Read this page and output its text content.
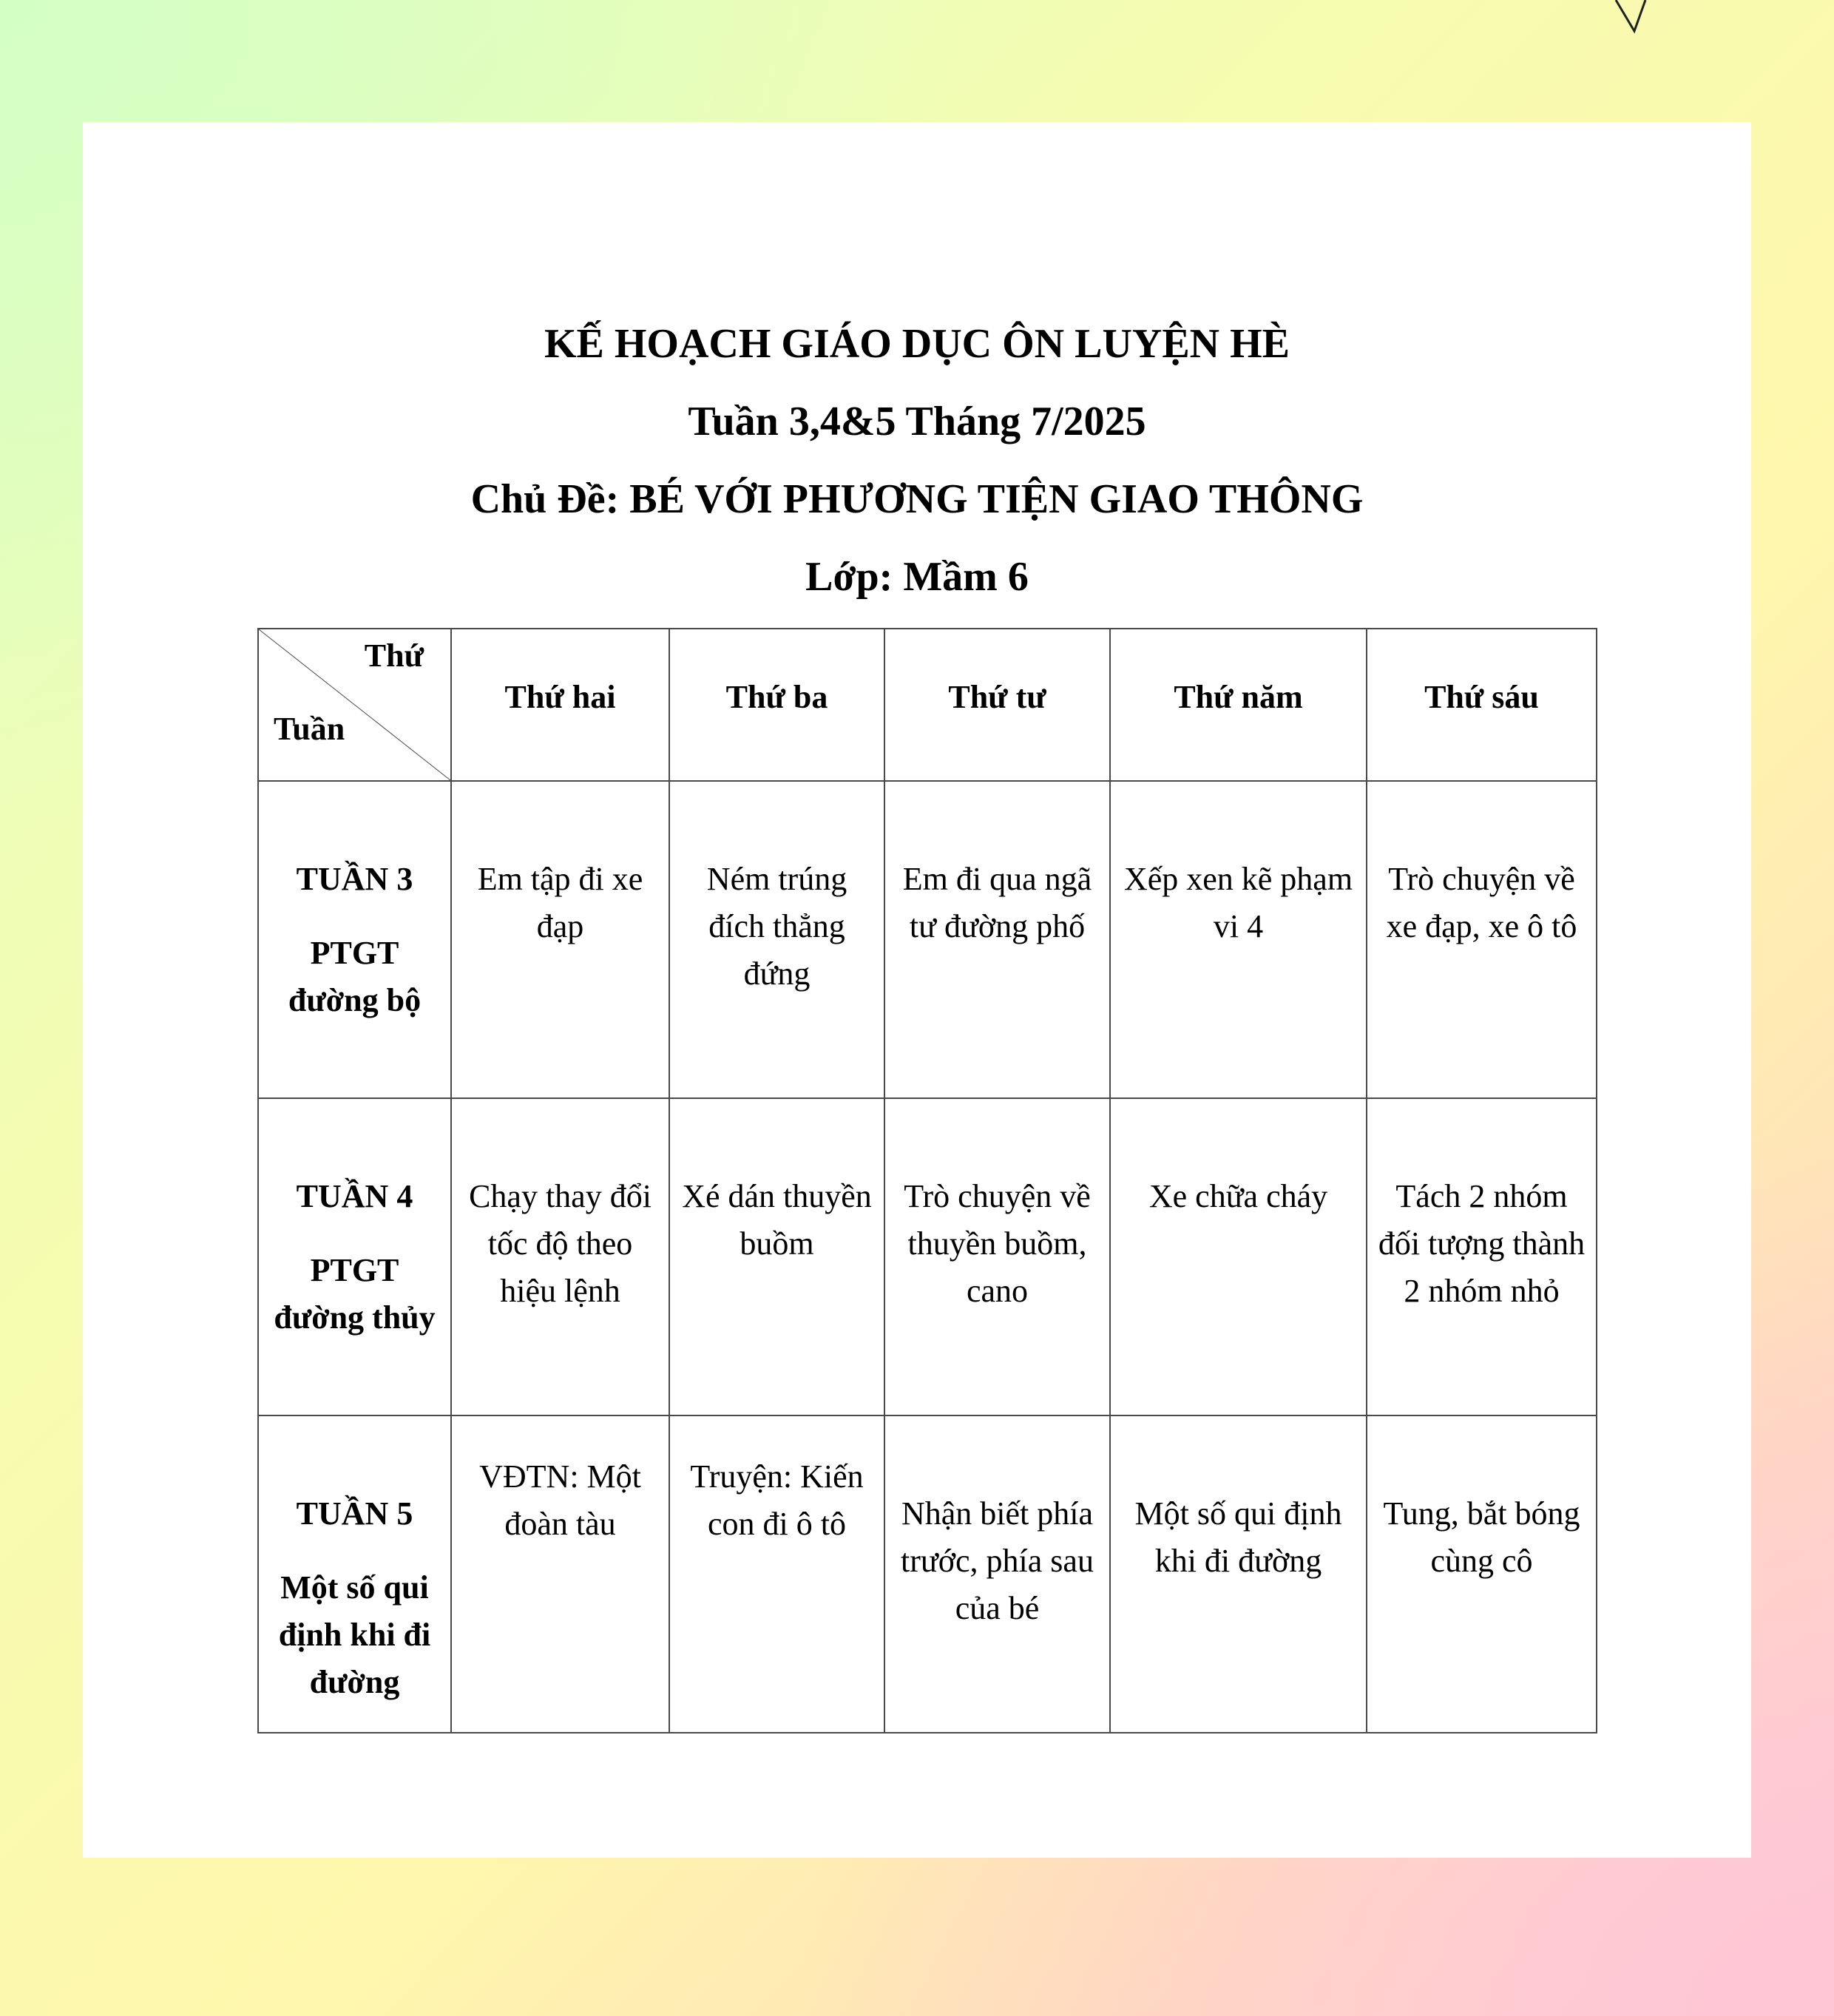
KẾ HOẠCH GIÁO DỤC ÔN LUYỆN HÈ
Tuần 3,4&5 Tháng 7/2025
Chủ Đề: BÉ VỚI PHƯƠNG TIỆN GIAO THÔNG
Lớp: Mầm 6
Thứ
Tuần	Thứ hai	Thứ ba	Thứ tư	Thứ năm	Thứ sáu

TUẦN 3
PTGT đường bộ	Em tập đi xe đạp	Ném trúng đích thẳng đứng	Em đi qua ngã tư đường phố	Xếp xen kẽ phạm vi 4	Trò chuyện về xe đạp, xe ô tô

TUẦN 4
PTGT đường thủy	Chạy thay đổi tốc độ theo hiệu lệnh	Xé dán thuyền buồm	Trò chuyện về thuyền buồm, cano	Xe chữa cháy	Tách 2 nhóm đối tượng thành 2 nhóm nhỏ

TUẦN 5
Một số qui định khi đi đường	VĐTN: Một đoàn tàu	Truyện: Kiến con đi ô tô	Nhận biết phía trước, phía sau của bé	Một số qui định khi đi đường	Tung, bắt bóng cùng cô
